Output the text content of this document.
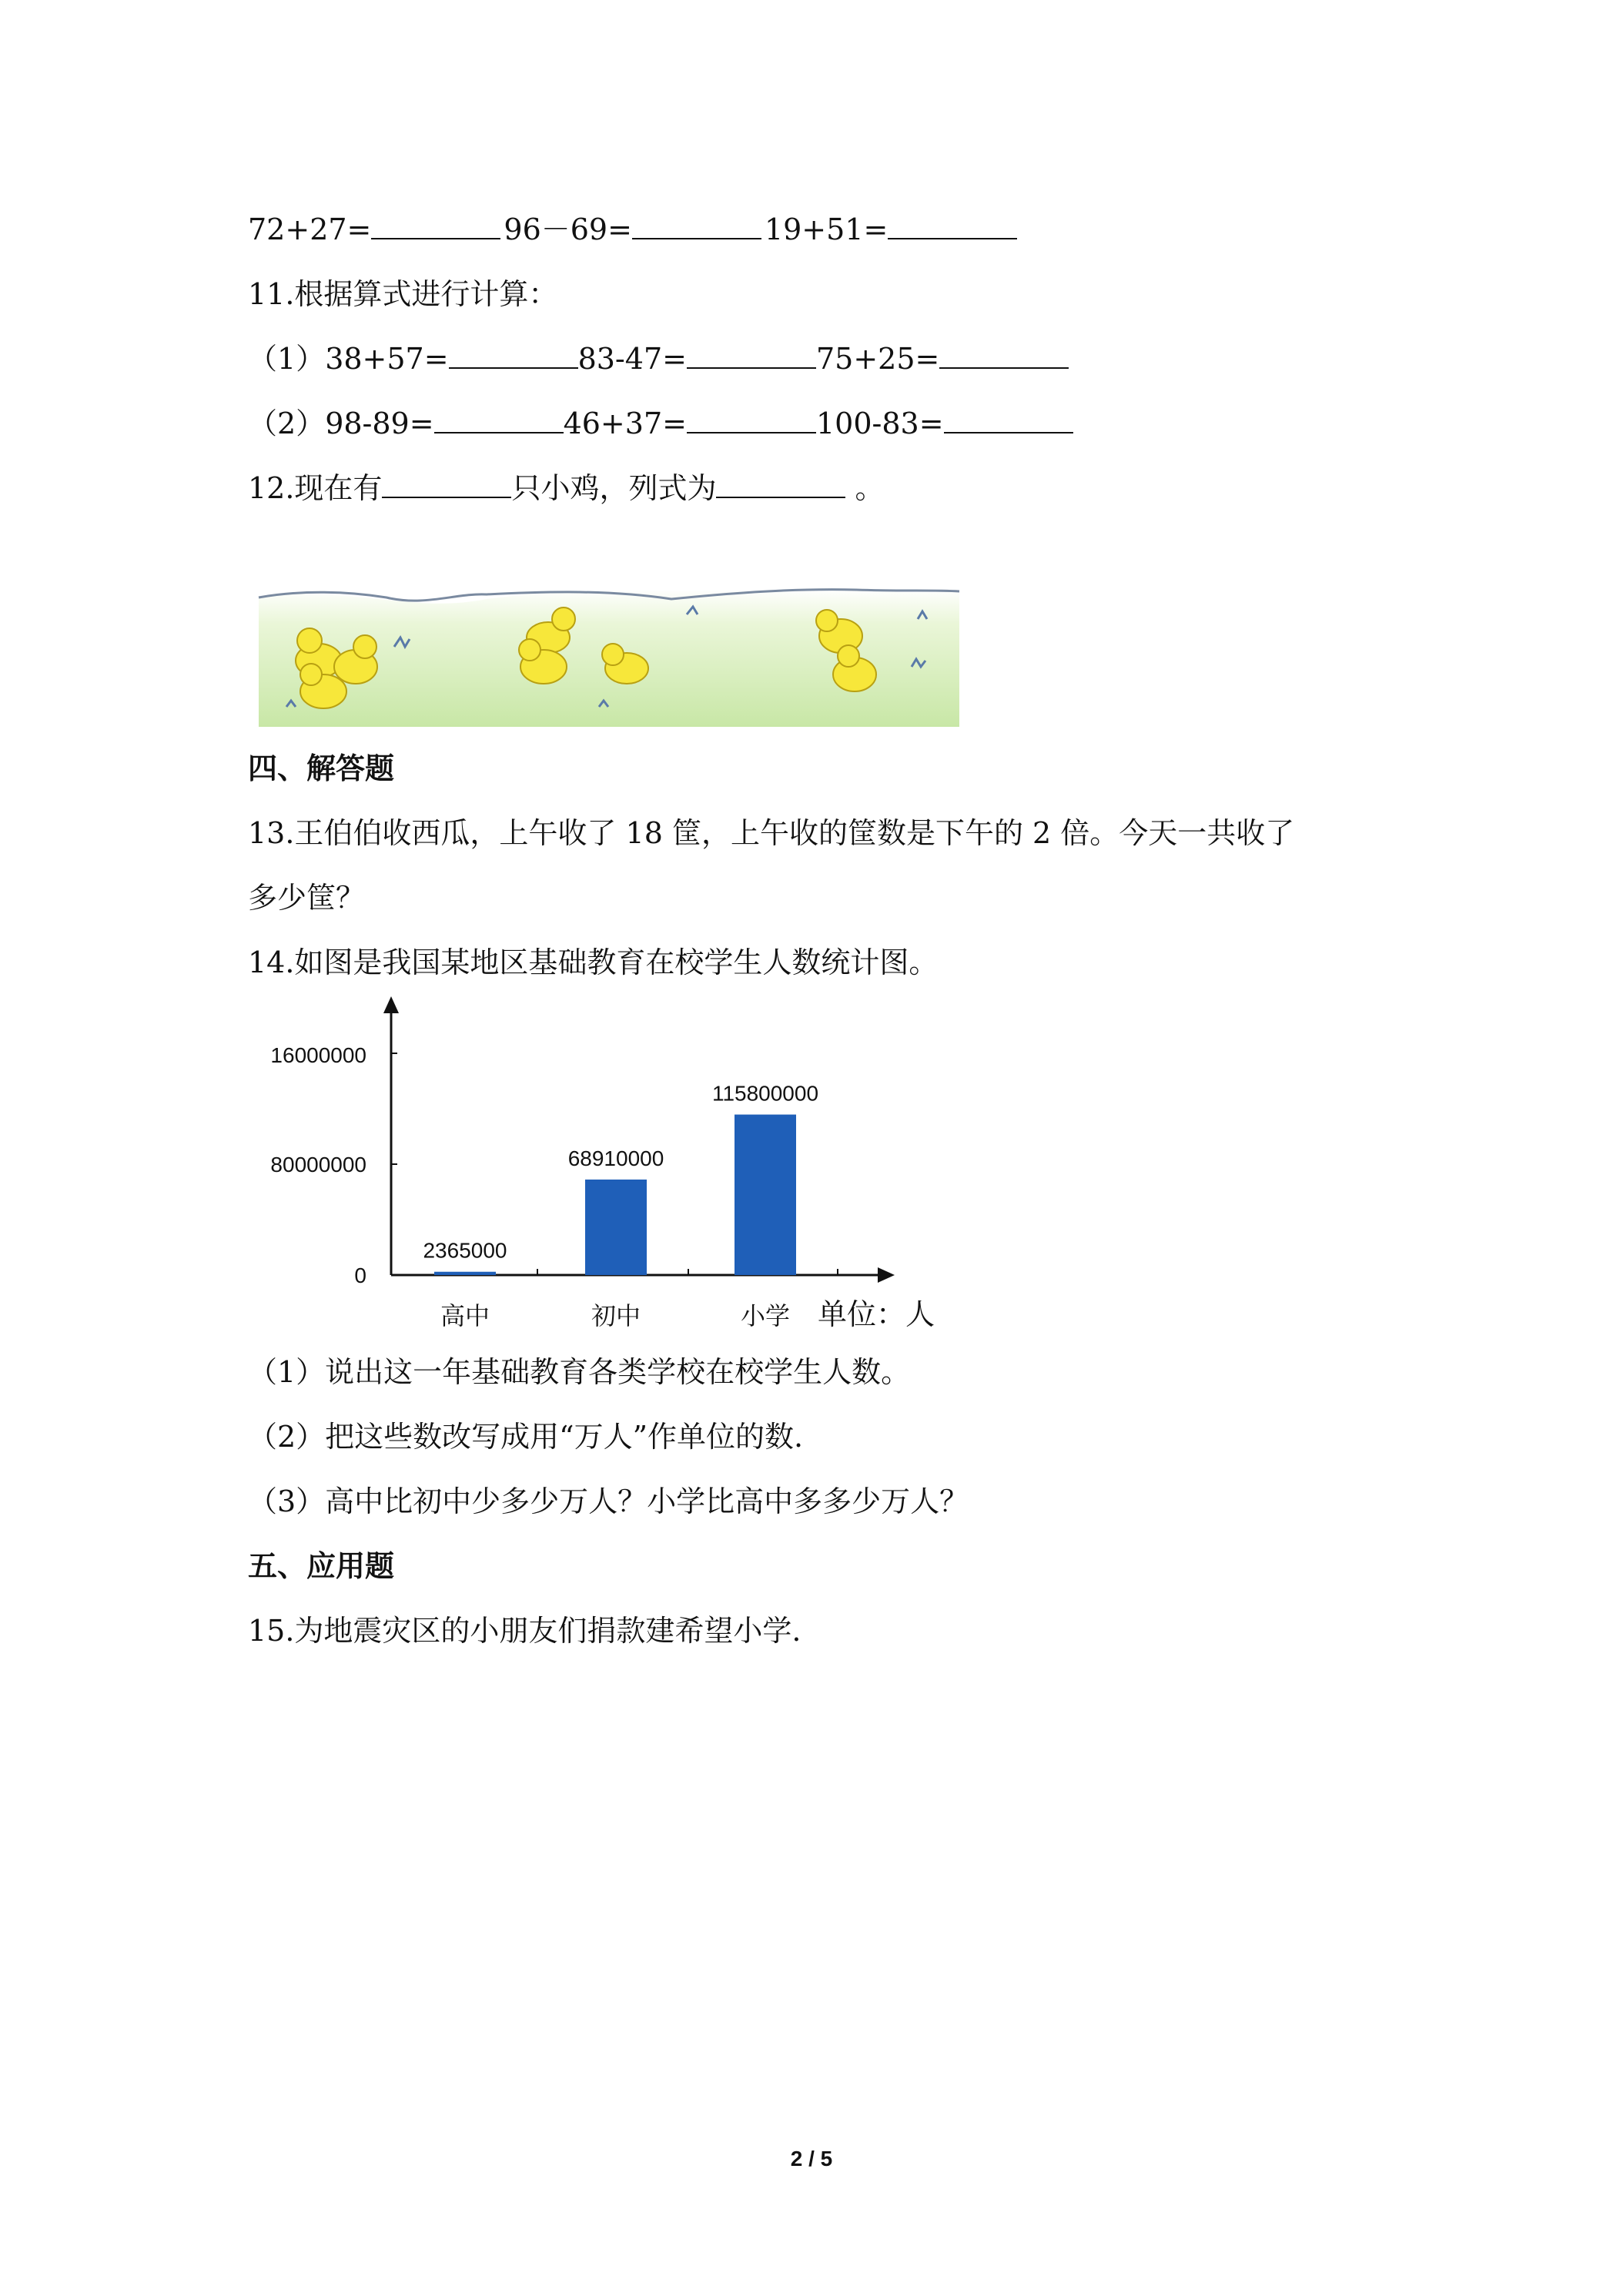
72+27=	96－69=	19+51=
11.根据算式进行计算：
（1）38+57=	83-47=	75+25=
（2）98-89=	46+37=	100-83=
12.现在有	只小鸡，列式为	。
四、解答题
13.王伯伯收西瓜，上午收了 18 筐，上午收的筐数是下午的 2 倍。今天一共收了
多少筐？
14.如图是我国某地区基础教育在校学生人数统计图。
0
80000000
16000000
2365000
高中
68910000
初中
115800000
小学 单位：人
（1）说出这一年基础教育各类学校在校学生人数。
（2）把这些数改写成用“万人”作单位的数.
（3）高中比初中少多少万人？小学比高中多多少万人？
五、应用题
15.为地震灾区的小朋友们捐款建希望小学.
2 / 5
